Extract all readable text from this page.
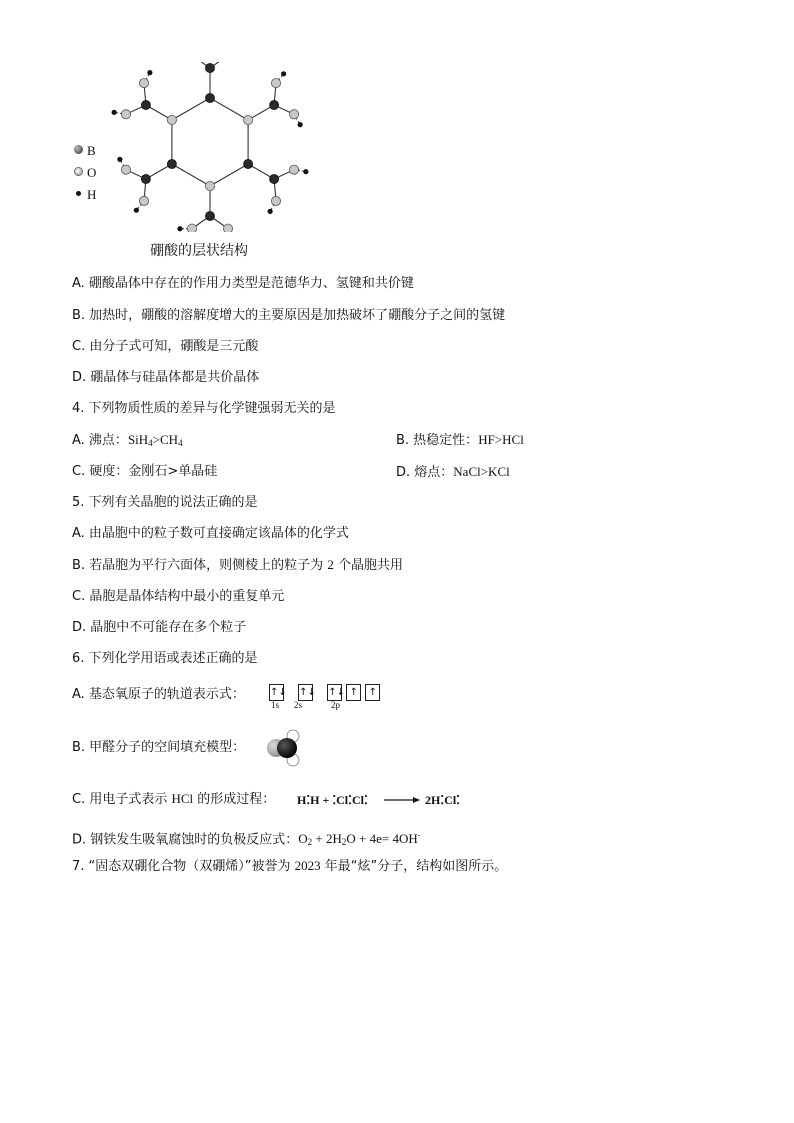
B
O
H
硼酸的层状结构
A. 硼酸晶体中存在的作用力类型是范德华力、氢键和共价键
B. 加热时，硼酸的溶解度增大的主要原因是加热破坏了硼酸分子之间的氢键
C. 由分子式可知，硼酸是三元酸
D. 硼晶体与硅晶体都是共价晶体
4. 下列物质性质的差异与化学键强弱无关的是
A. 沸点：$SiH_4>CH_4$	B. 热稳定性：HF>HCl
C. 硬度：金刚石>单晶硅	D. 熔点：NaCl>KCl
5. 下列有关晶胞的说法正确的是
A. 由晶胞中的粒子数可直接确定该晶体的化学式
B. 若晶胞为平行六面体，则侧棱上的粒子为 2 个晶胞共用
C. 晶胞是晶体结构中最小的重复单元
D. 晶胞中不可能存在多个粒子
6. 下列化学用语或表述正确的是
A. 基态氧原子的轨道表示式：	↑↓ ↑↓ ↑↓ ↑ ↑
1s 2s	2p
B. 甲醛分子的空间填充模型：
C. 用电子式表示 HCl 的形成过程： H⁚H + ⁚Cl⁚Cl⁚ → 2H⁚Cl⁚
D. 钢铁发生吸氧腐蚀时的负极反应式：$O_2 + 2H_2O + 4e= 4OH^-$
7. “固态双硼化合物（双硼烯）”被誉为 2023 年最“炫”分子，结构如图所示。
